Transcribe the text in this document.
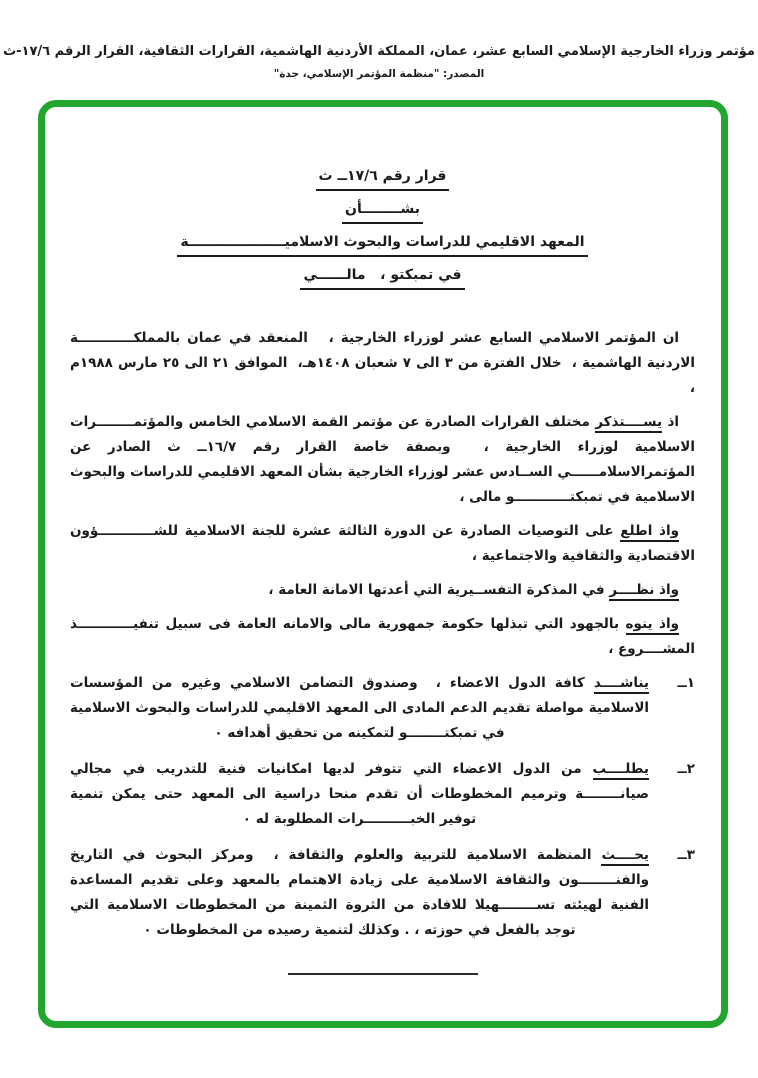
مؤتمر وزراء الخارجية الإسلامي السابع عشر، عمان، المملكة الأردنية الهاشمية، القرارات الثقافية، القرار الرقم ١٧/٦-ث
المصدر: "منظمة المؤتمر الإسلامي، جدة"
قرار رقم ١٧/٦ــ ث
بشــــــــأن
المعهد الاقليمي للدراسات والبحوث الاسلاميــــــــــــــــــــة
في تمبكتو ،   مالــــــي

ان المؤتمر الاسلامي السابع عشر لوزراء الخارجية ،   المنعقد في عمان بالمملكــــــــــــة الاردنية الهاشمية ،  خلال الفترة من ٣ الى ٧ شعبان ١٤٠٨هـ،  الموافق ٢١ الى ٢٥ مارس ١٩٨٨م ،

اذ يســــتذكر مختلف القرارات الصادرة عن مؤتمر القمة الاسلامي الخامس والمؤتمــــــــرات الاسلامية لوزراء الخارجية ،  وبصفة خاصة القرار رقم ١٦/٧ــ ث الصادر عن المؤتمرالاسلامــــــي الســادس عشر لوزراء الخارجية بشأن المعهد الاقليمي للدراسات والبحوث الاسلامية في تمبكتــــــــــــو مالى ،

واذ اطلع على التوصيات الصادرة عن الدورة الثالثة عشرة للجنة الاسلامية للشــــــــــــؤون الاقتصادية والثقافية والاجتماعية ،

واذ نظــــر في المذكرة التفســيرية التي أعدتها الامانة العامة ،

واذ ينوه بالجهود التي تبذلها حكومة جمهورية مالى والامانه العامة فى سبيل تنفيــــــــــــذ المشــــروع ،

١ــ
يناشــــد كافة الدول الاعضاء ،  وصندوق التضامن الاسلامي وغيره من المؤسسات الاسلامية مواصلة تقديم الدعم المادى الى المعهد الاقليمي للدراسات والبحوث الاسلامية في تمبكتــــــــو لتمكينه من تحقيق أهدافه ٠
٢ــ
يطلــــب من الدول الاعضاء التي تتوفر لديها امكانيات فنية للتدريب في مجالي صيانــــــــة وترميم المخطوطات أن تقدم منحا دراسية الى المعهد حتى يمكن تنمية توفير الخبــــــــــرات المطلوبة له ٠
٣ــ
يحــــث المنظمة الاسلامية للتربية والعلوم والثقافة ،  ومركز البحوث في التاريخ والفنــــــــون والثقافة الاسلامية على زيادة الاهتمام بالمعهد وعلى تقديم المساعدة الفنية لهيئته تســــــــهيلا للافادة من الثروة الثمينة من المخطوطات الاسلامية التي توجد بالفعل في حوزته ، . وكذلك لتنمية رصيده من المخطوطات ٠
